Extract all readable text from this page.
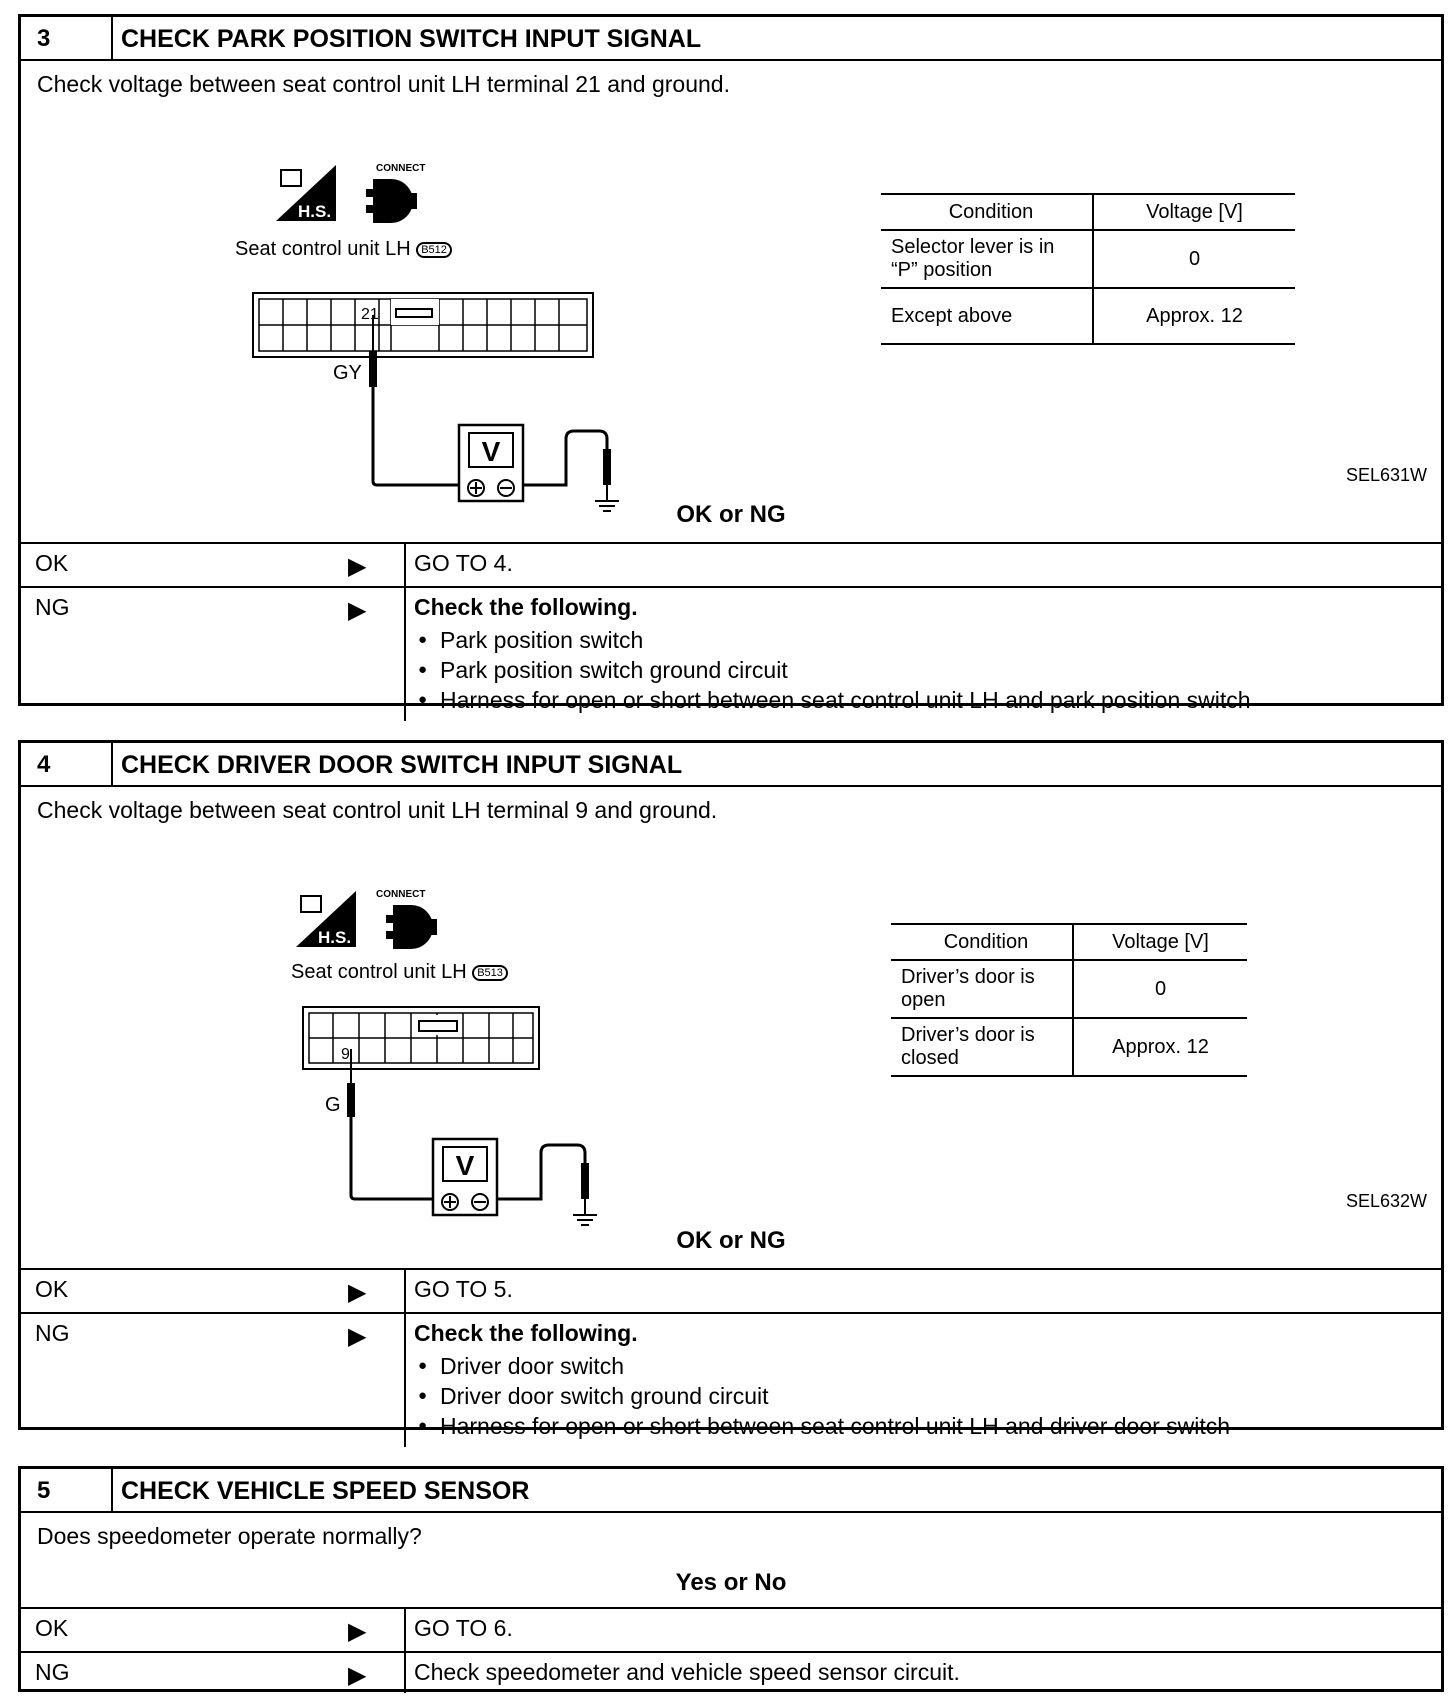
3	CHECK PARK POSITION SWITCH INPUT SIGNAL
Check voltage between seat control unit LH terminal 21 and ground.
H.S.
CONNECT
21
GY
V
Seat control unit LH B512
Condition	Voltage [V]
Selector lever is in “P” position	0
Except above	Approx. 12
SEL631W
OK or NG
OK	▶	GO TO 4.
NG	▶ Check the following.
● Park position switch
● Park position switch ground circuit
● Harness for open or short between seat control unit LH and park position switch
4	CHECK DRIVER DOOR SWITCH INPUT SIGNAL
Check voltage between seat control unit LH terminal 9 and ground.
H.S.
CONNECT
9
G
V
Seat control unit LH B513
Condition	Voltage [V]
Driver’s door is open	0
Driver’s door is closed	Approx. 12
SEL632W
OK or NG
OK	▶	GO TO 5.
NG	▶ Check the following.
● Driver door switch
● Driver door switch ground circuit
● Harness for open or short between seat control unit LH and driver door switch
5	CHECK VEHICLE SPEED SENSOR
Does speedometer operate normally?
Yes or No
OK	▶	GO TO 6.
NG	▶	Check speedometer and vehicle speed sensor circuit.
